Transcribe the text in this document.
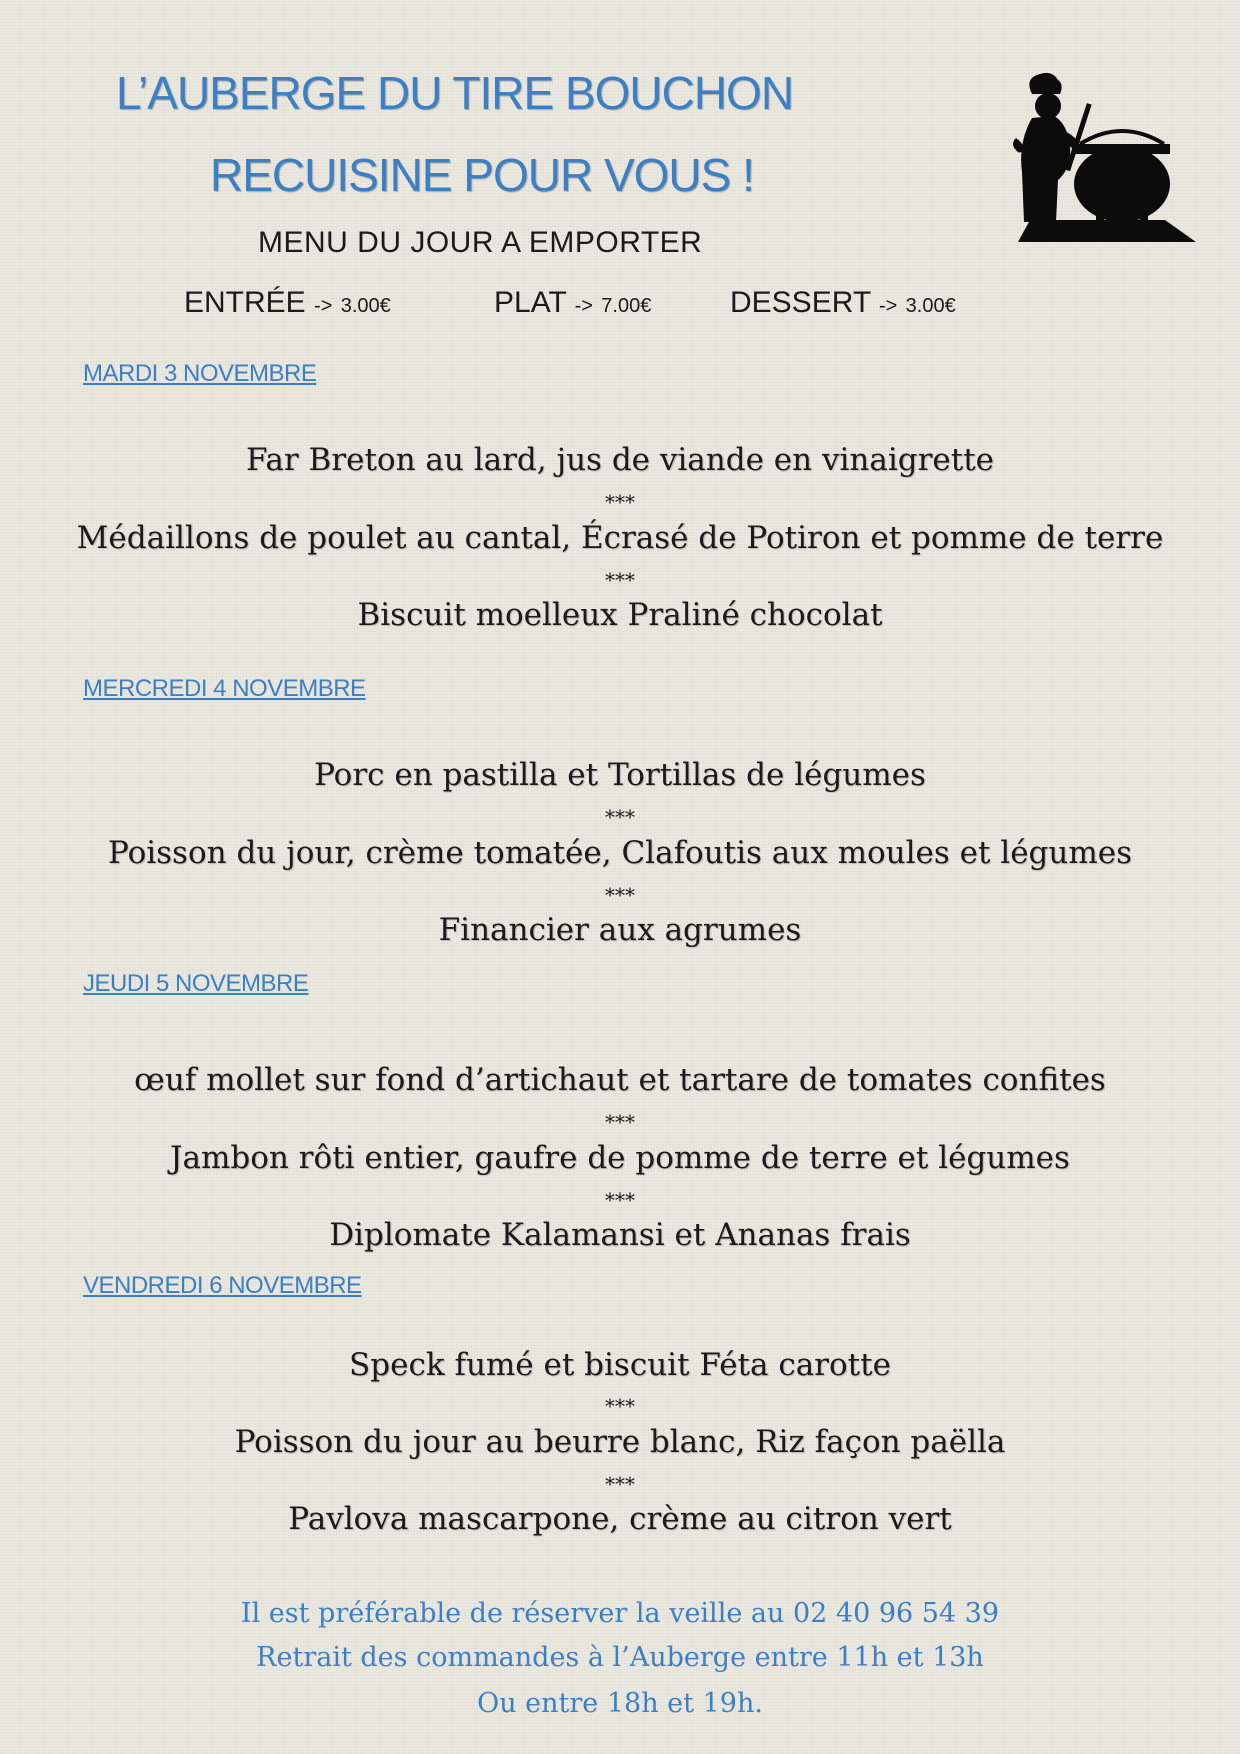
L’AUBERGE DU TIRE BOUCHON
RECUISINE POUR VOUS !
MENU DU JOUR A EMPORTER
ENTRÉE -> 3.00€	PLAT -> 7.00€	DESSERT -> 3.00€
MARDI 3 NOVEMBRE
Far Breton au lard, jus de viande en vinaigrette
***
Médaillons de poulet au cantal, Écrasé de Potiron et pomme de terre
***
Biscuit moelleux Praliné chocolat
MERCREDI 4 NOVEMBRE
Porc en pastilla et Tortillas de légumes
***
Poisson du jour, crème tomatée, Clafoutis aux moules et légumes
***
Financier aux agrumes
JEUDI 5 NOVEMBRE
œuf mollet sur fond d’artichaut et tartare de tomates confites
***
Jambon rôti entier, gaufre de pomme de terre et légumes
***
Diplomate Kalamansi et Ananas frais
VENDREDI 6 NOVEMBRE
Speck fumé et biscuit Féta carotte
***
Poisson du jour au beurre blanc, Riz façon paëlla
***
Pavlova mascarpone, crème au citron vert
Il est préférable de réserver la veille au 02 40 96 54 39
Retrait des commandes à l’Auberge entre 11h et 13h
Ou entre 18h et 19h.
